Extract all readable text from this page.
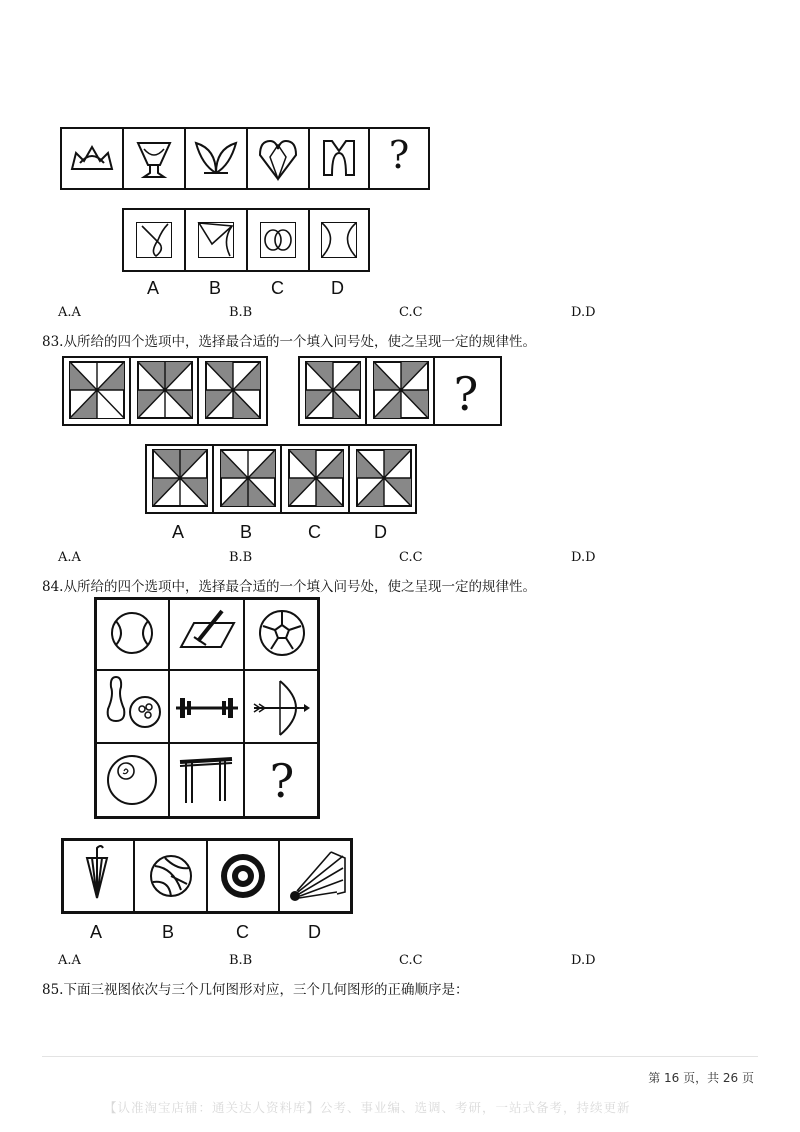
?
A	B	C	D
A.A	B.B	C.C	D.D
83.从所给的四个选项中，选择最合适的一个填入问号处，使之呈现一定的规律性。
?
A	B	C	D
A.A	B.B	C.C	D.D
84.从所给的四个选项中，选择最合适的一个填入问号处，使之呈现一定的规律性。
?
A	B	C	D
A.A	B.B	C.C	D.D
85.下面三视图依次与三个几何图形对应，三个几何图形的正确顺序是：
第 16 页，共 26 页
【认准淘宝店铺：通关达人资料库】公考、事业编、选调、考研，一站式备考，持续更新
